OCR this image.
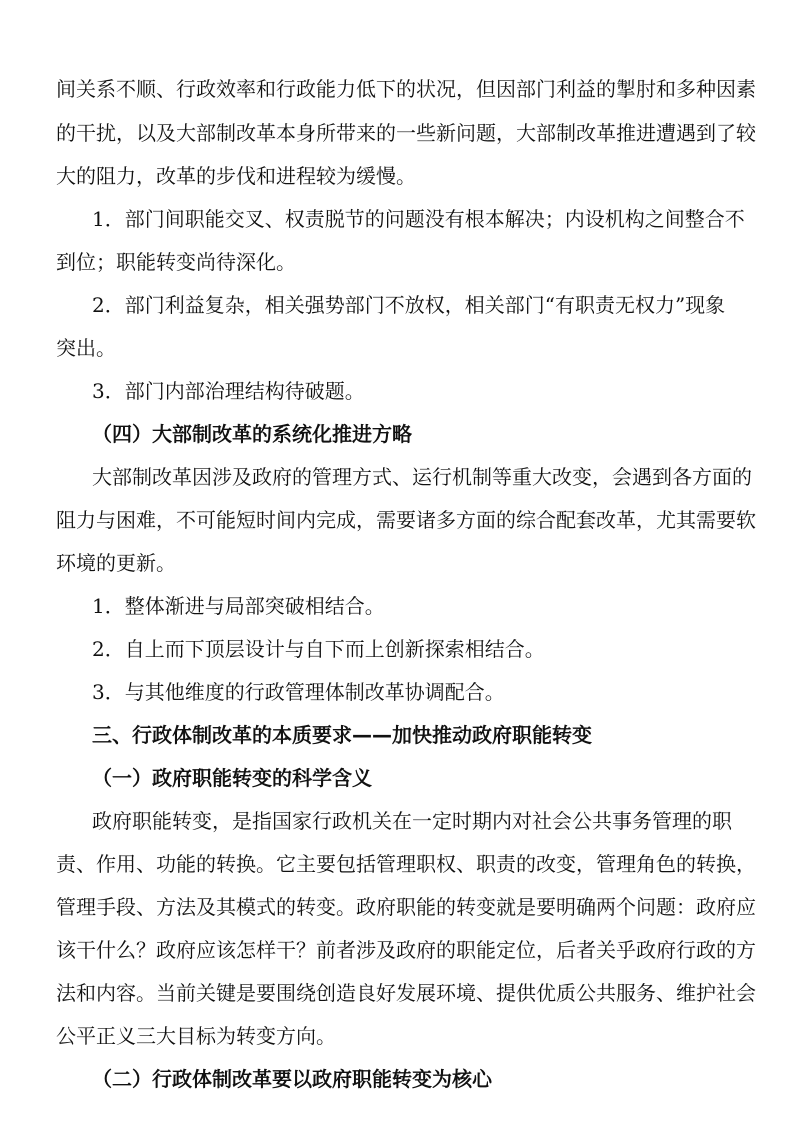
间关系不顺、行政效率和行政能力低下的状况，但因部门利益的掣肘和多种因素
的干扰，以及大部制改革本身所带来的一些新问题，大部制改革推进遭遇到了较
大的阻力，改革的步伐和进程较为缓慢。
1．部门间职能交叉、权责脱节的问题没有根本解决；内设机构之间整合不
到位；职能转变尚待深化。
2．部门利益复杂，相关强势部门不放权，相关部门“有职责无权力”现象
突出。
3．部门内部治理结构待破题。
（四）大部制改革的系统化推进方略
大部制改革因涉及政府的管理方式、运行机制等重大改变，会遇到各方面的
阻力与困难，不可能短时间内完成，需要诸多方面的综合配套改革，尤其需要软
环境的更新。
1．整体渐进与局部突破相结合。
2．自上而下顶层设计与自下而上创新探索相结合。
3．与其他维度的行政管理体制改革协调配合。
三、行政体制改革的本质要求——加快推动政府职能转变
（一）政府职能转变的科学含义
政府职能转变，是指国家行政机关在一定时期内对社会公共事务管理的职
责、作用、功能的转换。它主要包括管理职权、职责的改变，管理角色的转换，
管理手段、方法及其模式的转变。政府职能的转变就是要明确两个问题：政府应
该干什么？政府应该怎样干？前者涉及政府的职能定位，后者关乎政府行政的方
法和内容。当前关键是要围绕创造良好发展环境、提供优质公共服务、维护社会
公平正义三大目标为转变方向。
（二）行政体制改革要以政府职能转变为核心
